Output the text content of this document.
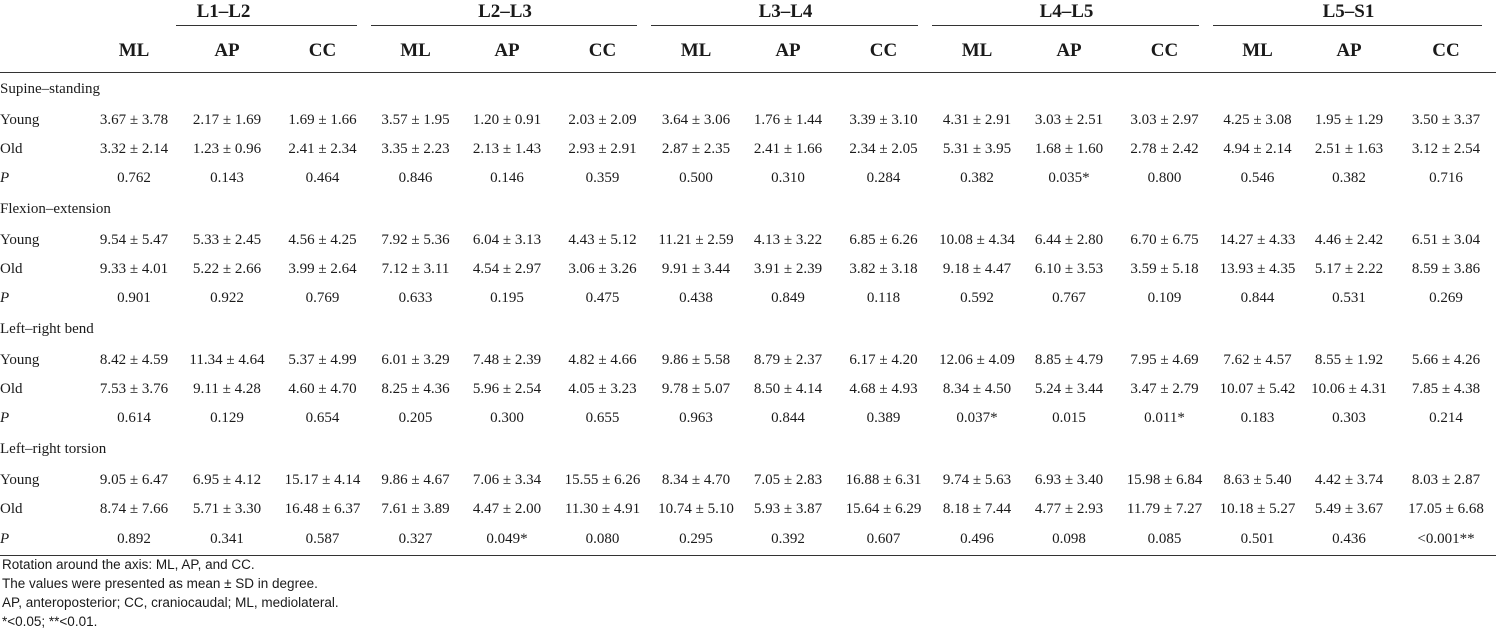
	L1–L2			L2–L3			L3–L4			L4–L5			L5–S1		

	ML	AP	CC	ML	AP	CC	ML	AP	CC	ML	AP	CC	ML	AP	CC
Supine–standing															
Young	3.67 ± 3.78	2.17 ± 1.69	1.69 ± 1.66	3.57 ± 1.95	1.20 ± 0.91	2.03 ± 2.09	3.64 ± 3.06	1.76 ± 1.44	3.39 ± 3.10	4.31 ± 2.91	3.03 ± 2.51	3.03 ± 2.97	4.25 ± 3.08	1.95 ± 1.29	3.50 ± 3.37
Old	3.32 ± 2.14	1.23 ± 0.96	2.41 ± 2.34	3.35 ± 2.23	2.13 ± 1.43	2.93 ± 2.91	2.87 ± 2.35	2.41 ± 1.66	2.34 ± 2.05	5.31 ± 3.95	1.68 ± 1.60	2.78 ± 2.42	4.94 ± 2.14	2.51 ± 1.63	3.12 ± 2.54
P	0.762	0.143	0.464	0.846	0.146	0.359	0.500	0.310	0.284	0.382	0.035*	0.800	0.546	0.382	0.716
Flexion–extension															
Young	9.54 ± 5.47	5.33 ± 2.45	4.56 ± 4.25	7.92 ± 5.36	6.04 ± 3.13	4.43 ± 5.12	11.21 ± 2.59	4.13 ± 3.22	6.85 ± 6.26	10.08 ± 4.34	6.44 ± 2.80	6.70 ± 6.75	14.27 ± 4.33	4.46 ± 2.42	6.51 ± 3.04
Old	9.33 ± 4.01	5.22 ± 2.66	3.99 ± 2.64	7.12 ± 3.11	4.54 ± 2.97	3.06 ± 3.26	9.91 ± 3.44	3.91 ± 2.39	3.82 ± 3.18	9.18 ± 4.47	6.10 ± 3.53	3.59 ± 5.18	13.93 ± 4.35	5.17 ± 2.22	8.59 ± 3.86
P	0.901	0.922	0.769	0.633	0.195	0.475	0.438	0.849	0.118	0.592	0.767	0.109	0.844	0.531	0.269
Left–right bend															
Young	8.42 ± 4.59	11.34 ± 4.64	5.37 ± 4.99	6.01 ± 3.29	7.48 ± 2.39	4.82 ± 4.66	9.86 ± 5.58	8.79 ± 2.37	6.17 ± 4.20	12.06 ± 4.09	8.85 ± 4.79	7.95 ± 4.69	7.62 ± 4.57	8.55 ± 1.92	5.66 ± 4.26
Old	7.53 ± 3.76	9.11 ± 4.28	4.60 ± 4.70	8.25 ± 4.36	5.96 ± 2.54	4.05 ± 3.23	9.78 ± 5.07	8.50 ± 4.14	4.68 ± 4.93	8.34 ± 4.50	5.24 ± 3.44	3.47 ± 2.79	10.07 ± 5.42	10.06 ± 4.31	7.85 ± 4.38
P	0.614	0.129	0.654	0.205	0.300	0.655	0.963	0.844	0.389	0.037*	0.015	0.011*	0.183	0.303	0.214
Left–right torsion															
Young	9.05 ± 6.47	6.95 ± 4.12	15.17 ± 4.14	9.86 ± 4.67	7.06 ± 3.34	15.55 ± 6.26	8.34 ± 4.70	7.05 ± 2.83	16.88 ± 6.31	9.74 ± 5.63	6.93 ± 3.40	15.98 ± 6.84	8.63 ± 5.40	4.42 ± 3.74	8.03 ± 2.87
Old	8.74 ± 7.66	5.71 ± 3.30	16.48 ± 6.37	7.61 ± 3.89	4.47 ± 2.00	11.30 ± 4.91	10.74 ± 5.10	5.93 ± 3.87	15.64 ± 6.29	8.18 ± 7.44	4.77 ± 2.93	11.79 ± 7.27	10.18 ± 5.27	5.49 ± 3.67	17.05 ± 6.68
P	0.892	0.341	0.587	0.327	0.049*	0.080	0.295	0.392	0.607	0.496	0.098	0.085	0.501	0.436	<0.001**
Rotation around the axis: ML, AP, and CC.
The values were presented as mean ± SD in degree.
AP, anteroposterior; CC, craniocaudal; ML, mediolateral.
*<0.05; **<0.01.
